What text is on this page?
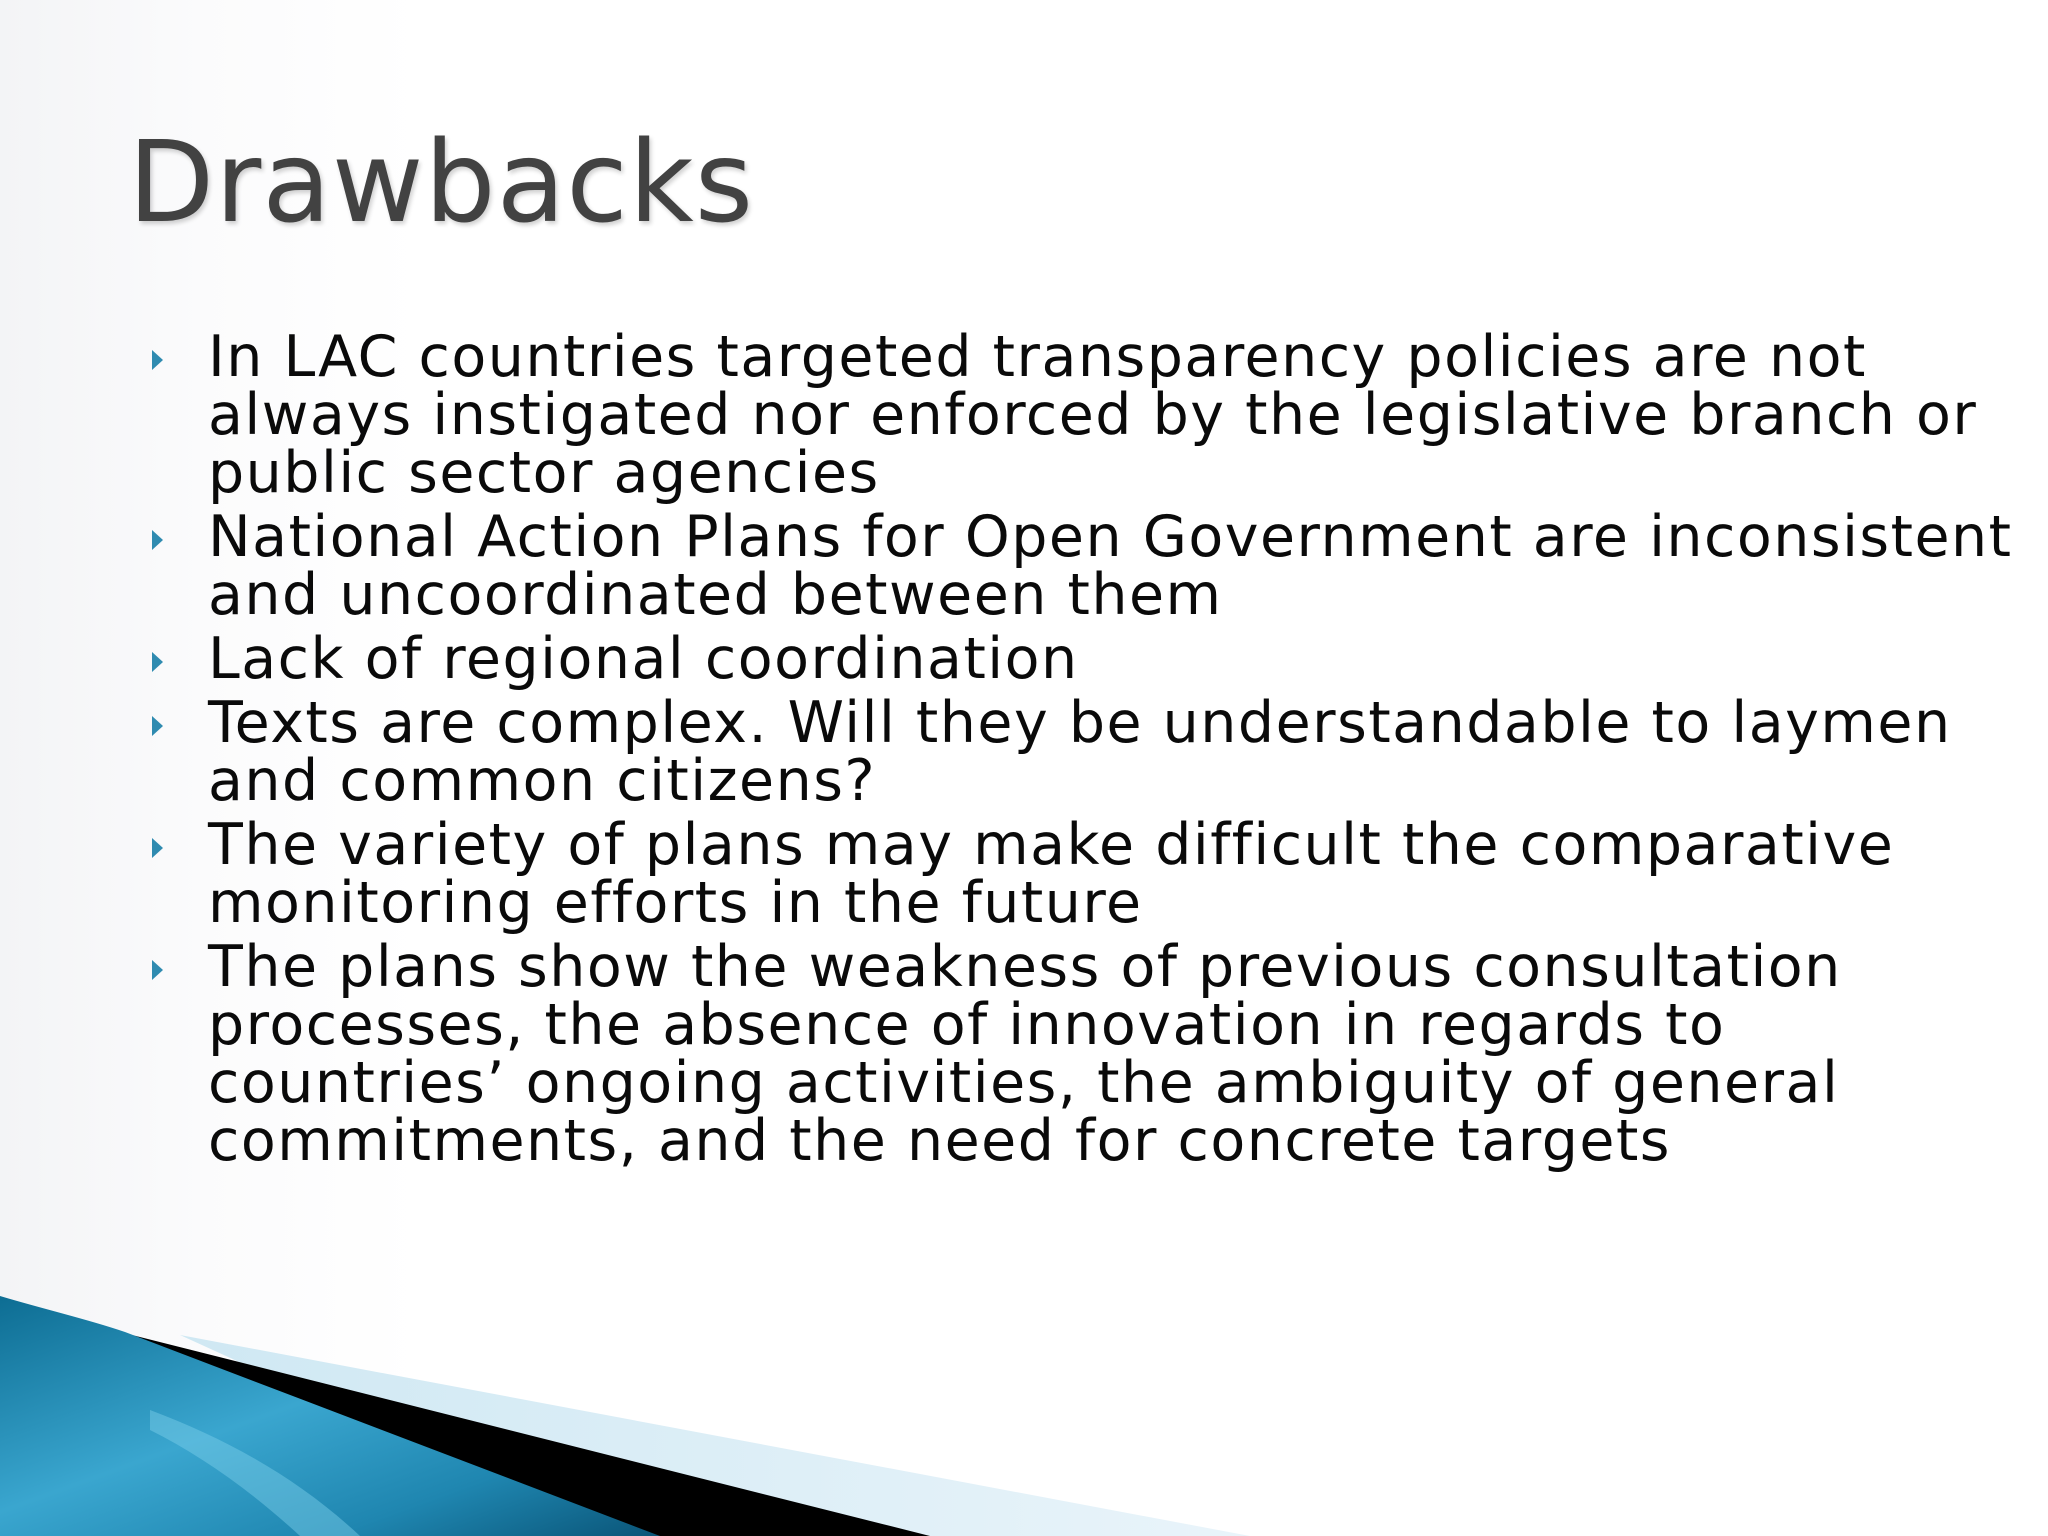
Drawbacks
In LAC countries targeted transparency policies are not always instigated nor enforced by the legislative branch or public sector agencies
National Action Plans for Open Government are inconsistent and uncoordinated between them
Lack of regional coordination
Texts are complex. Will they be understandable to laymen and common citizens?
The variety of plans may make difficult the comparative monitoring efforts in the future
The plans show the weakness of previous consultation processes, the absence of innovation in regards to countries’ ongoing activities, the ambiguity of general commitments, and the need for concrete targets
